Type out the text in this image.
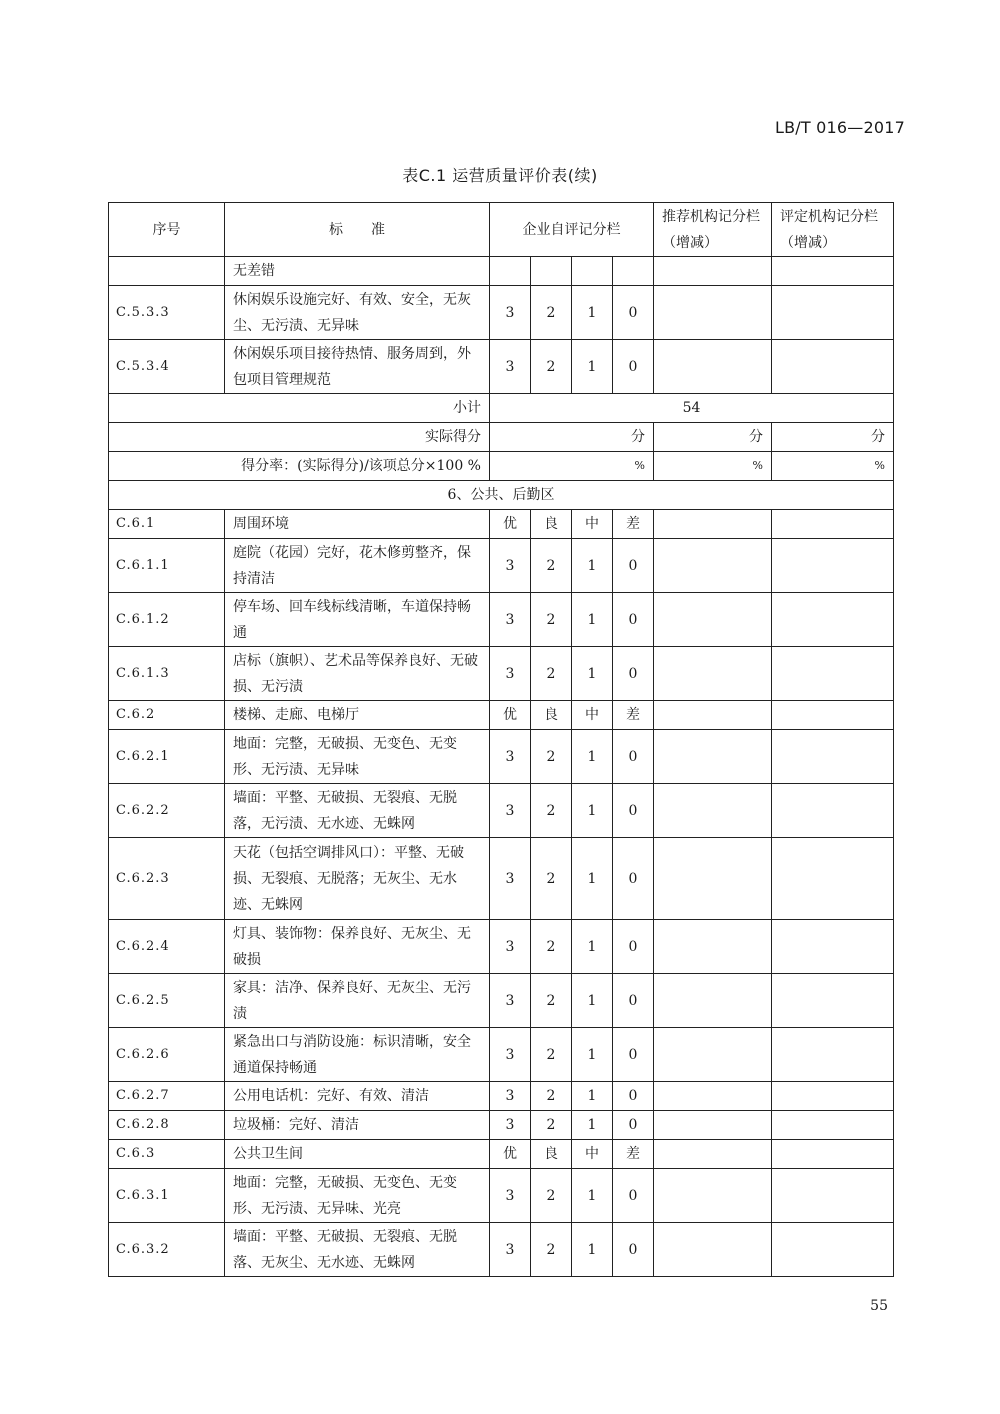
LB/T 016—2017
表C.1 运营质量评价表(续)
序号	标　　准	企业自评记分栏				推荐机构记分栏（增减）	评定机构记分栏（增减）
	无差错						
C.5.3.3	休闲娱乐设施完好、有效、安全，无灰尘、无污渍、无异味	3	2	1	0		
C.5.3.4	休闲娱乐项目接待热情、服务周到，外包项目管理规范	3	2	1	0		
小计		54					
实际得分		分				分	分
得分率：(实际得分)/该项总分×100 %		%				%	%
6、公共、后勤区							
C.6.1	周围环境	优	良	中	差		
C.6.1.1	庭院（花园）完好，花木修剪整齐，保持清洁	3	2	1	0		
C.6.1.2	停车场、回车线标线清晰，车道保持畅通	3	2	1	0		
C.6.1.3	店标（旗帜）、艺术品等保养良好、无破损、无污渍	3	2	1	0		
C.6.2	楼梯、走廊、电梯厅	优	良	中	差		
C.6.2.1	地面：完整，无破损、无变色、无变形、无污渍、无异味	3	2	1	0		
C.6.2.2	墙面：平整、无破损、无裂痕、无脱落，无污渍、无水迹、无蛛网	3	2	1	0		
C.6.2.3	天花（包括空调排风口）：平整、无破损、无裂痕、无脱落；无灰尘、无水迹、无蛛网	3	2	1	0		
C.6.2.4	灯具、装饰物：保养良好、无灰尘、无破损	3	2	1	0		
C.6.2.5	家具：洁净、保养良好、无灰尘、无污渍	3	2	1	0		
C.6.2.6	紧急出口与消防设施：标识清晰，安全通道保持畅通	3	2	1	0		
C.6.2.7	公用电话机：完好、有效、清洁	3	2	1	0		
C.6.2.8	垃圾桶：完好、清洁	3	2	1	0		
C.6.3	公共卫生间	优	良	中	差		
C.6.3.1	地面：完整，无破损、无变色、无变形、无污渍、无异味、光亮	3	2	1	0		
C.6.3.2	墙面：平整、无破损、无裂痕、无脱落、无灰尘、无水迹、无蛛网	3	2	1	0		
55
